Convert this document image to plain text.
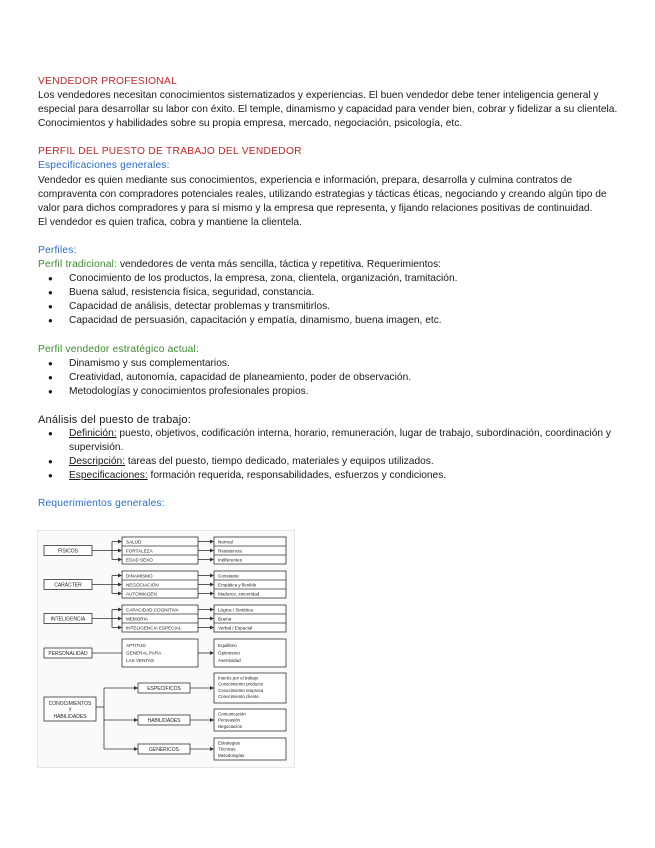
VENDEDOR PROFESIONAL

Los vendedores necesitan conocimientos sistematizados y experiencias. El buen vendedor debe tener inteligencia general y especial para desarrollar su labor con éxito. El temple, dinamismo y capacidad para vender bien, cobrar y fidelizar a su clientela. Conocimientos y habilidades sobre su propia empresa, mercado, negociación, psicología, etc.

PERFIL DEL PUESTO DE TRABAJO DEL VENDEDOR

Especificaciones generales:

Vendedor es quien mediante sus conocimientos, experiencia e información, prepara, desarrolla y culmina contratos de compraventa con compradores potenciales reales, utilizando estrategias y tácticas éticas, negociando y creando algún tipo de valor para dichos compradores y para sí mismo y la empresa que representa, y fijando relaciones positivas de continuidad.

El vendedor es quien trafica, cobra y mantiene la clientela.

Perfiles:

Perfil tradicional: vendedores de venta más sencilla, táctica y repetitiva. Requerimientos:

● Conocimiento de los productos, la empresa, zona, clientela, organización, tramitación.
● Buena salud, resistencia física, seguridad, constancia.
● Capacidad de análisis, detectar problemas y transmitirlos.
● Capacidad de persuasión, capacitación y empatía, dinamismo, buena imagen, etc.

Perfil vendedor estratégico actual:

● Dinamismo y sus complementarios.
● Creatividad, autonomía, capacidad de planeamiento, poder de observación.
● Metodologías y conocimientos profesionales propios.

Análisis del puesto de trabajo:

● Definición: puesto, objetivos, codificación interna, horario, remuneración, lugar de trabajo, subordinación, coordinación y supervisión.
● Descripción: tareas del puesto, tiempo dedicado, materiales y equipos utilizados.
● Especificaciones: formación requerida, responsabilidades, esfuerzos y condiciones.

Requerimientos generales:

FÍSICOS
SALUD	Normal
FORTALEZA	Resistencia
EDAD SEXO	Indiferentes
CARÁCTER
DINAMISMO	Constante
NEGOCIACIÓN	Empática y flexible
AUTOIMAGEN	Madurez, sinceridad
INTELIGENCIA
CAPACIDAD COGNITIVA	Lógica / Sintética
MEMORIA	Buena
INTELIGENCIA ESPECIAL	Verbal / Espacial
PERSONALIDAD
APTITUD
GENERAL PARA
LAS VENTAS
Equilibrio
Optimismo
Asertividad
CONOCIMIENTOS
Y
HABILIDADES
ESPECÍFICOS
Interés por el trabajo
Conocimiento producto
Conocimiento empresa
Conocimiento cliente
HABILIDADES
Comunicación
Persuasión
Negociación
GENÉRICOS
Estrategias
Técnicas
Metodologías
